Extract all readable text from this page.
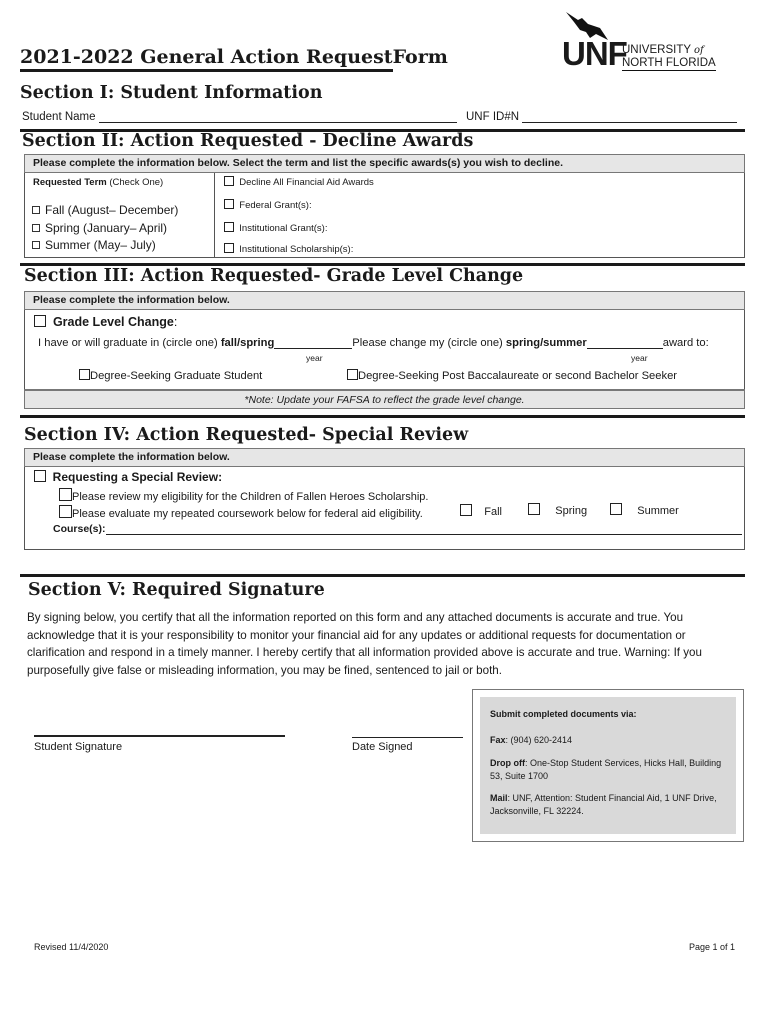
2021-2022 General Action RequestForm	UNF
UNIVERSITY of
NORTH FLORIDA
Section I: Student Information
Student Name	UNF ID#N
Section II: Action Requested - Decline Awards
Please complete the information below. Select the term and list the specific awards(s) you wish to decline.
Requested Term (Check One)
Fall (August– December)
Spring (January– April)
Summer (May– July)
Decline All Financial Aid Awards
Federal Grant(s):
Institutional Grant(s):
Institutional Scholarship(s):
Section III: Action Requested- Grade Level Change
Please complete the information below.
Grade Level Change:
I have or will graduate in (circle one) fall/spring	Please change my (circle one) spring/summer	award to:
year	year
Degree-Seeking Graduate Student	Degree-Seeking Post Baccalaureate or second Bachelor Seeker
*Note: Update your FAFSA to reflect the grade level change.
Section IV: Action Requested- Special Review
Please complete the information below.
Requesting a Special Review:
Please review my eligibility for the Children of Fallen Heroes Scholarship.
Please evaluate my repeated coursework below for federal aid eligibility.	Fall	Spring	Summer
Course(s):
Section V: Required Signature
By signing below, you certify that all the information reported on this form and any attached documents is accurate and true. You acknowledge that it is your responsibility to monitor your financial aid for any updates or additional requests for documentation or clarification and respond in a timely manner. I hereby certify that all information provided above is accurate and true. Warning: If you purposefully give false or misleading information, you may be fined, sentenced to jail or both.
Student Signature	Date Signed
Submit completed documents via:
Fax: (904) 620-2414
Drop off: One-Stop Student Services, Hicks Hall, Building 53, Suite 1700
Mail: UNF, Attention: Student Financial Aid, 1 UNF Drive, Jacksonville, FL 32224.
Revised 11/4/2020	Page 1 of 1
